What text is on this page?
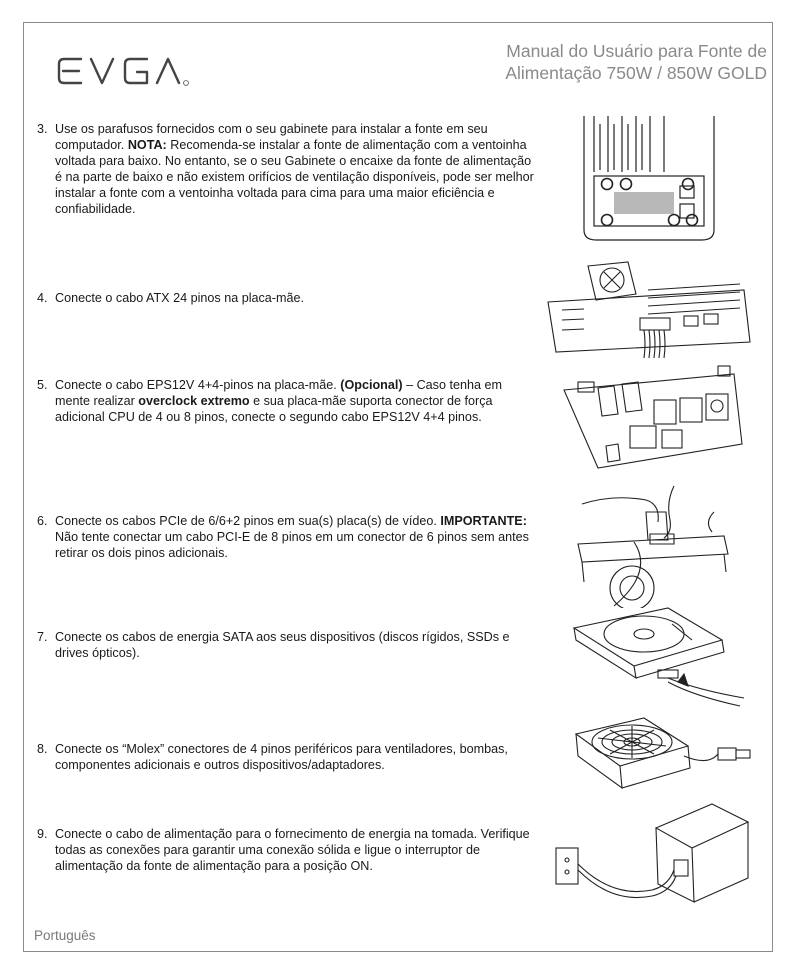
Manual do Usuário para Fonte de
Alimentação 750W / 850W GOLD
3. Use os parafusos fornecidos com o seu gabinete para instalar a fonte em seu computador. NOTA: Recomenda-se instalar a fonte de alimentação com a ventoinha voltada para baixo. No entanto, se o seu Gabinete o encaixe da fonte de alimentação é na parte de baixo e não existem orifícios de ventilação disponíveis, pode ser melhor instalar a fonte com a ventoinha voltada para cima para uma maior eficiência e confiabilidade.
4. Conecte o cabo ATX 24 pinos na placa-mãe.
5. Conecte o cabo EPS12V 4+4-pinos na placa-mãe. (Opcional) – Caso tenha em mente realizar overclock extremo e sua placa-mãe suporta conector de força adicional CPU de 4 ou 8 pinos, conecte o segundo cabo EPS12V 4+4 pinos.
6. Conecte os cabos PCIe de 6/6+2 pinos em sua(s) placa(s) de vídeo. IMPORTANTE: Não tente conectar um cabo PCI-E de 8 pinos em um conector de 6 pinos sem antes retirar os dois pinos adicionais.
7. Conecte os cabos de energia SATA aos seus dispositivos (discos rígidos, SSDs e drives ópticos).
8. Conecte os “Molex” conectores de 4 pinos periféricos para ventiladores, bombas, componentes adicionais e outros dispositivos/adaptadores.
9. Conecte o cabo de alimentação para o fornecimento de energia na tomada. Verifique todas as conexões para garantir uma conexão sólida e ligue o interruptor de alimentação da fonte de alimentação para a posição ON.
Português
